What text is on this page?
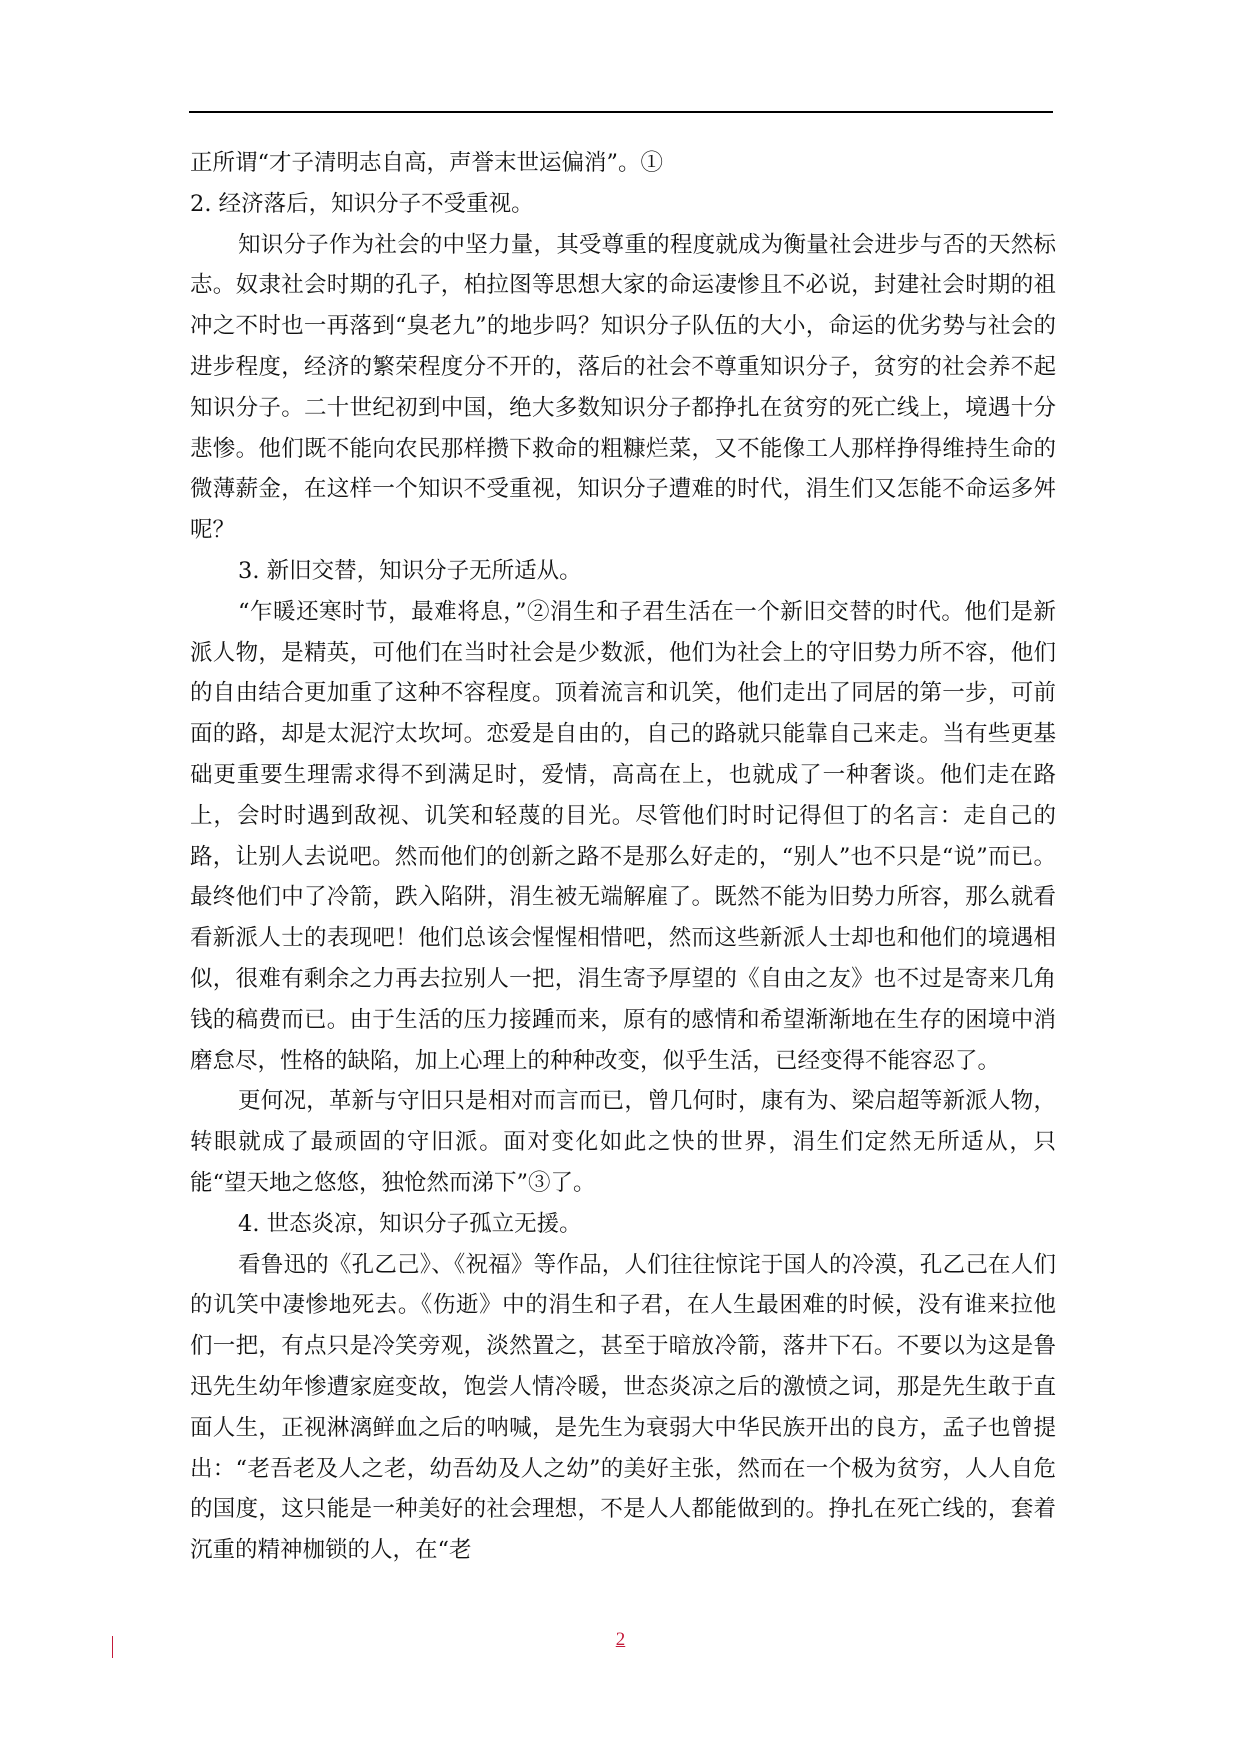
正所谓“才子清明志自高，声誉末世运偏消”。①

2. 经济落后，知识分子不受重视。

知识分子作为社会的中坚力量，其受尊重的程度就成为衡量社会进步与否的天然标志。奴隶社会时期的孔子，柏拉图等思想大家的命运凄惨且不必说，封建社会时期的祖冲之不时也一再落到“臭老九”的地步吗？知识分子队伍的大小，命运的优劣势与社会的进步程度，经济的繁荣程度分不开的，落后的社会不尊重知识分子，贫穷的社会养不起知识分子。二十世纪初到中国，绝大多数知识分子都挣扎在贫穷的死亡线上，境遇十分悲惨。他们既不能向农民那样攒下救命的粗糠烂菜，又不能像工人那样挣得维持生命的微薄薪金，在这样一个知识不受重视，知识分子遭难的时代，涓生们又怎能不命运多舛呢？

3. 新旧交替，知识分子无所适从。

“乍暖还寒时节，最难将息，”②涓生和子君生活在一个新旧交替的时代。他们是新派人物，是精英，可他们在当时社会是少数派，他们为社会上的守旧势力所不容，他们的自由结合更加重了这种不容程度。顶着流言和讥笑，他们走出了同居的第一步，可前面的路，却是太泥泞太坎坷。恋爱是自由的，自己的路就只能靠自己来走。当有些更基础更重要生理需求得不到满足时，爱情，高高在上，也就成了一种奢谈。他们走在路上，会时时遇到敌视、讥笑和轻蔑的目光。尽管他们时时记得但丁的名言：走自己的路，让别人去说吧。然而他们的创新之路不是那么好走的，“别人”也不只是“说”而已。最终他们中了冷箭，跌入陷阱，涓生被无端解雇了。既然不能为旧势力所容，那么就看看新派人士的表现吧！他们总该会惺惺相惜吧，然而这些新派人士却也和他们的境遇相似，很难有剩余之力再去拉别人一把，涓生寄予厚望的《自由之友》也不过是寄来几角钱的稿费而已。由于生活的压力接踵而来，原有的感情和希望渐渐地在生存的困境中消磨怠尽，性格的缺陷，加上心理上的种种改变，似乎生活，已经变得不能容忍了。

更何况，革新与守旧只是相对而言而已，曾几何时，康有为、梁启超等新派人物，转眼就成了最顽固的守旧派。面对变化如此之快的世界，涓生们定然无所适从，只能“望天地之悠悠，独怆然而涕下”③了。

4. 世态炎凉，知识分子孤立无援。

看鲁迅的《孔乙己》、《祝福》等作品，人们往往惊诧于国人的冷漠，孔乙己在人们的讥笑中凄惨地死去。《伤逝》中的涓生和子君，在人生最困难的时候，没有谁来拉他们一把，有点只是冷笑旁观，淡然置之，甚至于暗放冷箭，落井下石。不要以为这是鲁迅先生幼年惨遭家庭变故，饱尝人情冷暖，世态炎凉之后的激愤之词，那是先生敢于直面人生，正视淋漓鲜血之后的呐喊，是先生为衰弱大中华民族开出的良方，孟子也曾提出：“老吾老及人之老，幼吾幼及人之幼”的美好主张，然而在一个极为贫穷，人人自危的国度，这只能是一种美好的社会理想，不是人人都能做到的。挣扎在死亡线的，套着沉重的精神枷锁的人，在“老

2
